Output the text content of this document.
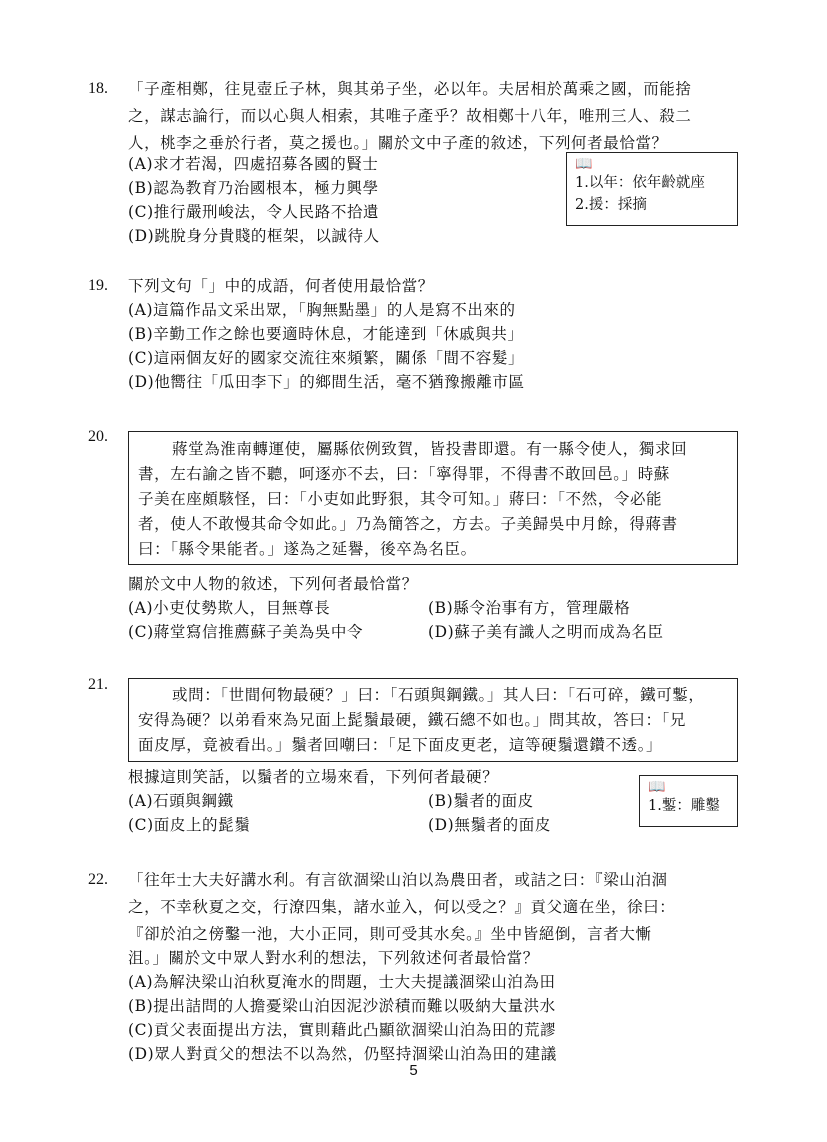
18. 「子產相鄭，往見壺丘子林，與其弟子坐，必以年。夫居相於萬乘之國，而能捨
之，謀志論行，而以心與人相索，其唯子產乎？故相鄭十八年，唯刑三人、殺二
人，桃李之垂於行者，莫之援也。」關於文中子產的敘述，下列何者最恰當？
(A)求才若渴，四處招募各國的賢士
(B)認為教育乃治國根本，極力興學
(C)推行嚴刑峻法，令人民路不拾遺
(D)跳脫身分貴賤的框架，以誠待人
📖
1.以年：依年齡就座
2.援：採摘
19. 下列文句「」中的成語，何者使用最恰當？
(A)這篇作品文采出眾，「胸無點墨」的人是寫不出來的
(B)辛勤工作之餘也要適時休息，才能達到「休戚與共」
(C)這兩個友好的國家交流往來頻繁，關係「間不容髮」
(D)他嚮往「瓜田李下」的鄉間生活，毫不猶豫搬離市區
20.
蔣堂為淮南轉運使，屬縣依例致賀，皆投書即還。有一縣令使人，獨求回
書，左右諭之皆不聽，呵逐亦不去，曰：「寧得罪，不得書不敢回邑。」時蘇
子美在座頗駭怪，曰：「小吏如此野狠，其令可知。」蔣曰：「不然，令必能
者，使人不敢慢其命令如此。」乃為簡答之，方去。子美歸吳中月餘，得蔣書
曰：「縣令果能者。」遂為之延譽，後卒為名臣。
關於文中人物的敘述，下列何者最恰當？
(A)小吏仗勢欺人，目無尊長	(B)縣令治事有方，管理嚴格
(C)蔣堂寫信推薦蘇子美為吳中令	(D)蘇子美有識人之明而成為名臣
21.
或問：「世間何物最硬？」曰：「石頭與鋼鐵。」其人曰：「石可碎，鐵可鏨，
安得為硬？以弟看來為兄面上髭鬚最硬，鐵石總不如也。」問其故，答曰：「兄
面皮厚，竟被看出。」鬚者回嘲曰：「足下面皮更老，這等硬鬚還鑽不透。」
根據這則笑話，以鬚者的立場來看，下列何者最硬？
(A)石頭與鋼鐵	(B)鬚者的面皮
(C)面皮上的髭鬚	(D)無鬚者的面皮
📖
1.鏨：雕鑿
22. 「往年士大夫好講水利。有言欲涸梁山泊以為農田者，或詰之曰：『梁山泊涸
之，不幸秋夏之交，行潦四集，諸水並入，何以受之？』貢父適在坐，徐曰：
『卻於泊之傍鑿一池，大小正同，則可受其水矣。』坐中皆絕倒，言者大慚
沮。」關於文中眾人對水利的想法，下列敘述何者最恰當？
(A)為解決梁山泊秋夏淹水的問題，士大夫提議涸梁山泊為田
(B)提出詰問的人擔憂梁山泊因泥沙淤積而難以吸納大量洪水
(C)貢父表面提出方法，實則藉此凸顯欲涸梁山泊為田的荒謬
(D)眾人對貢父的想法不以為然，仍堅持涸梁山泊為田的建議
5
